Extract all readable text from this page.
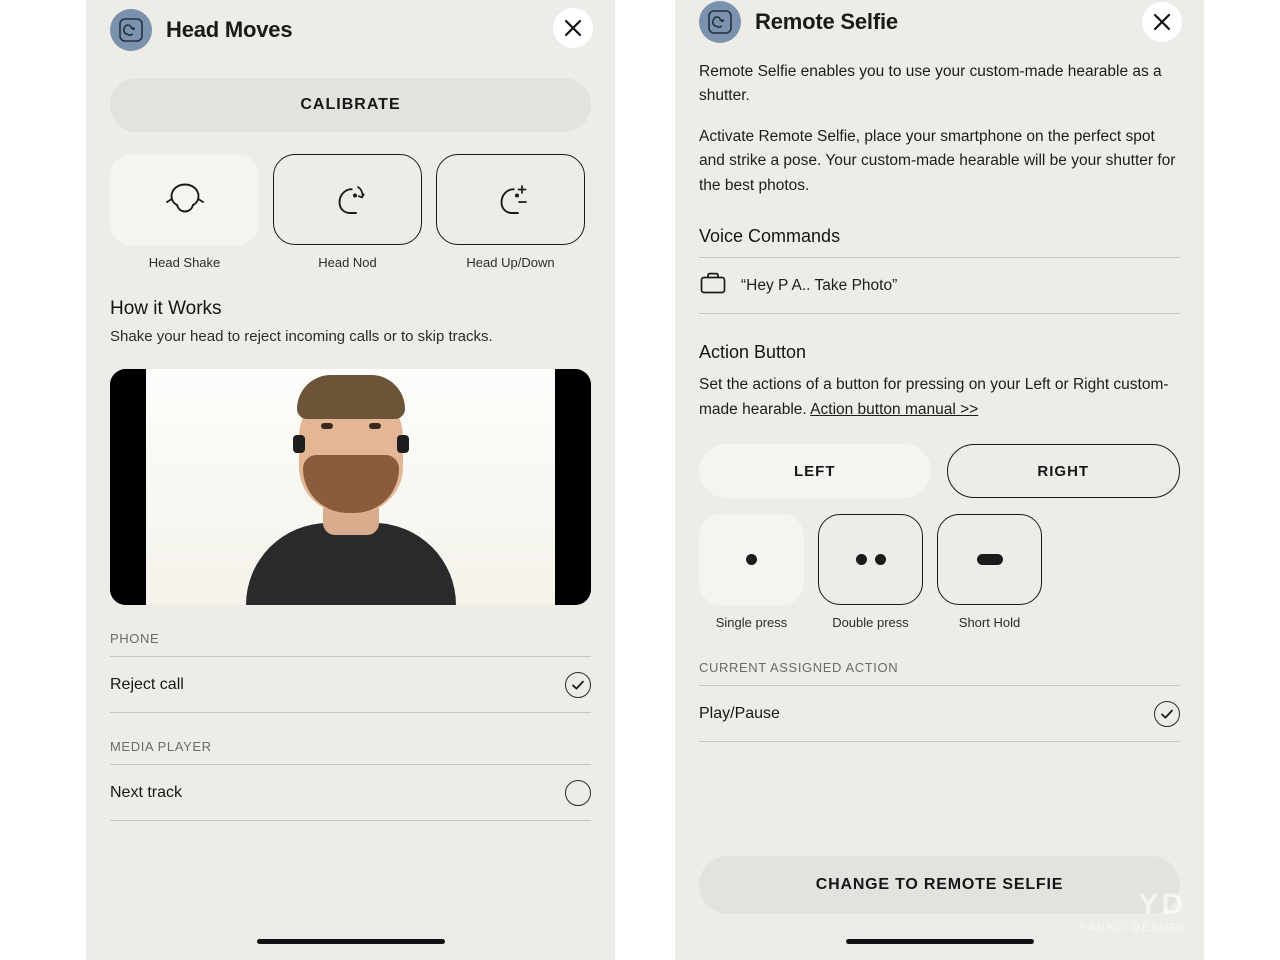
Head Moves
CALIBRATE
Head Shake	Head Nod	Head Up/Down
How it Works
Shake your head to reject incoming calls or to skip tracks.
PHONE
Reject call
MEDIA PLAYER
Next track
Remote Selfie
Remote Selfie enables you to use your custom-made hearable as a shutter.
Activate Remote Selfie, place your smartphone on the perfect spot and strike a pose. Your custom-made hearable will be your shutter for the best photos.
Voice Commands
“Hey P A.. Take Photo”
Action Button
Set the actions of a button for pressing on your Left or Right custom-made hearable. Action button manual >>
LEFT	RIGHT
Single press	Double press	Short Hold
CURRENT ASSIGNED ACTION
Play/Pause
CHANGE TO REMOTE SELFIE
YD
YANKO DESIGN
